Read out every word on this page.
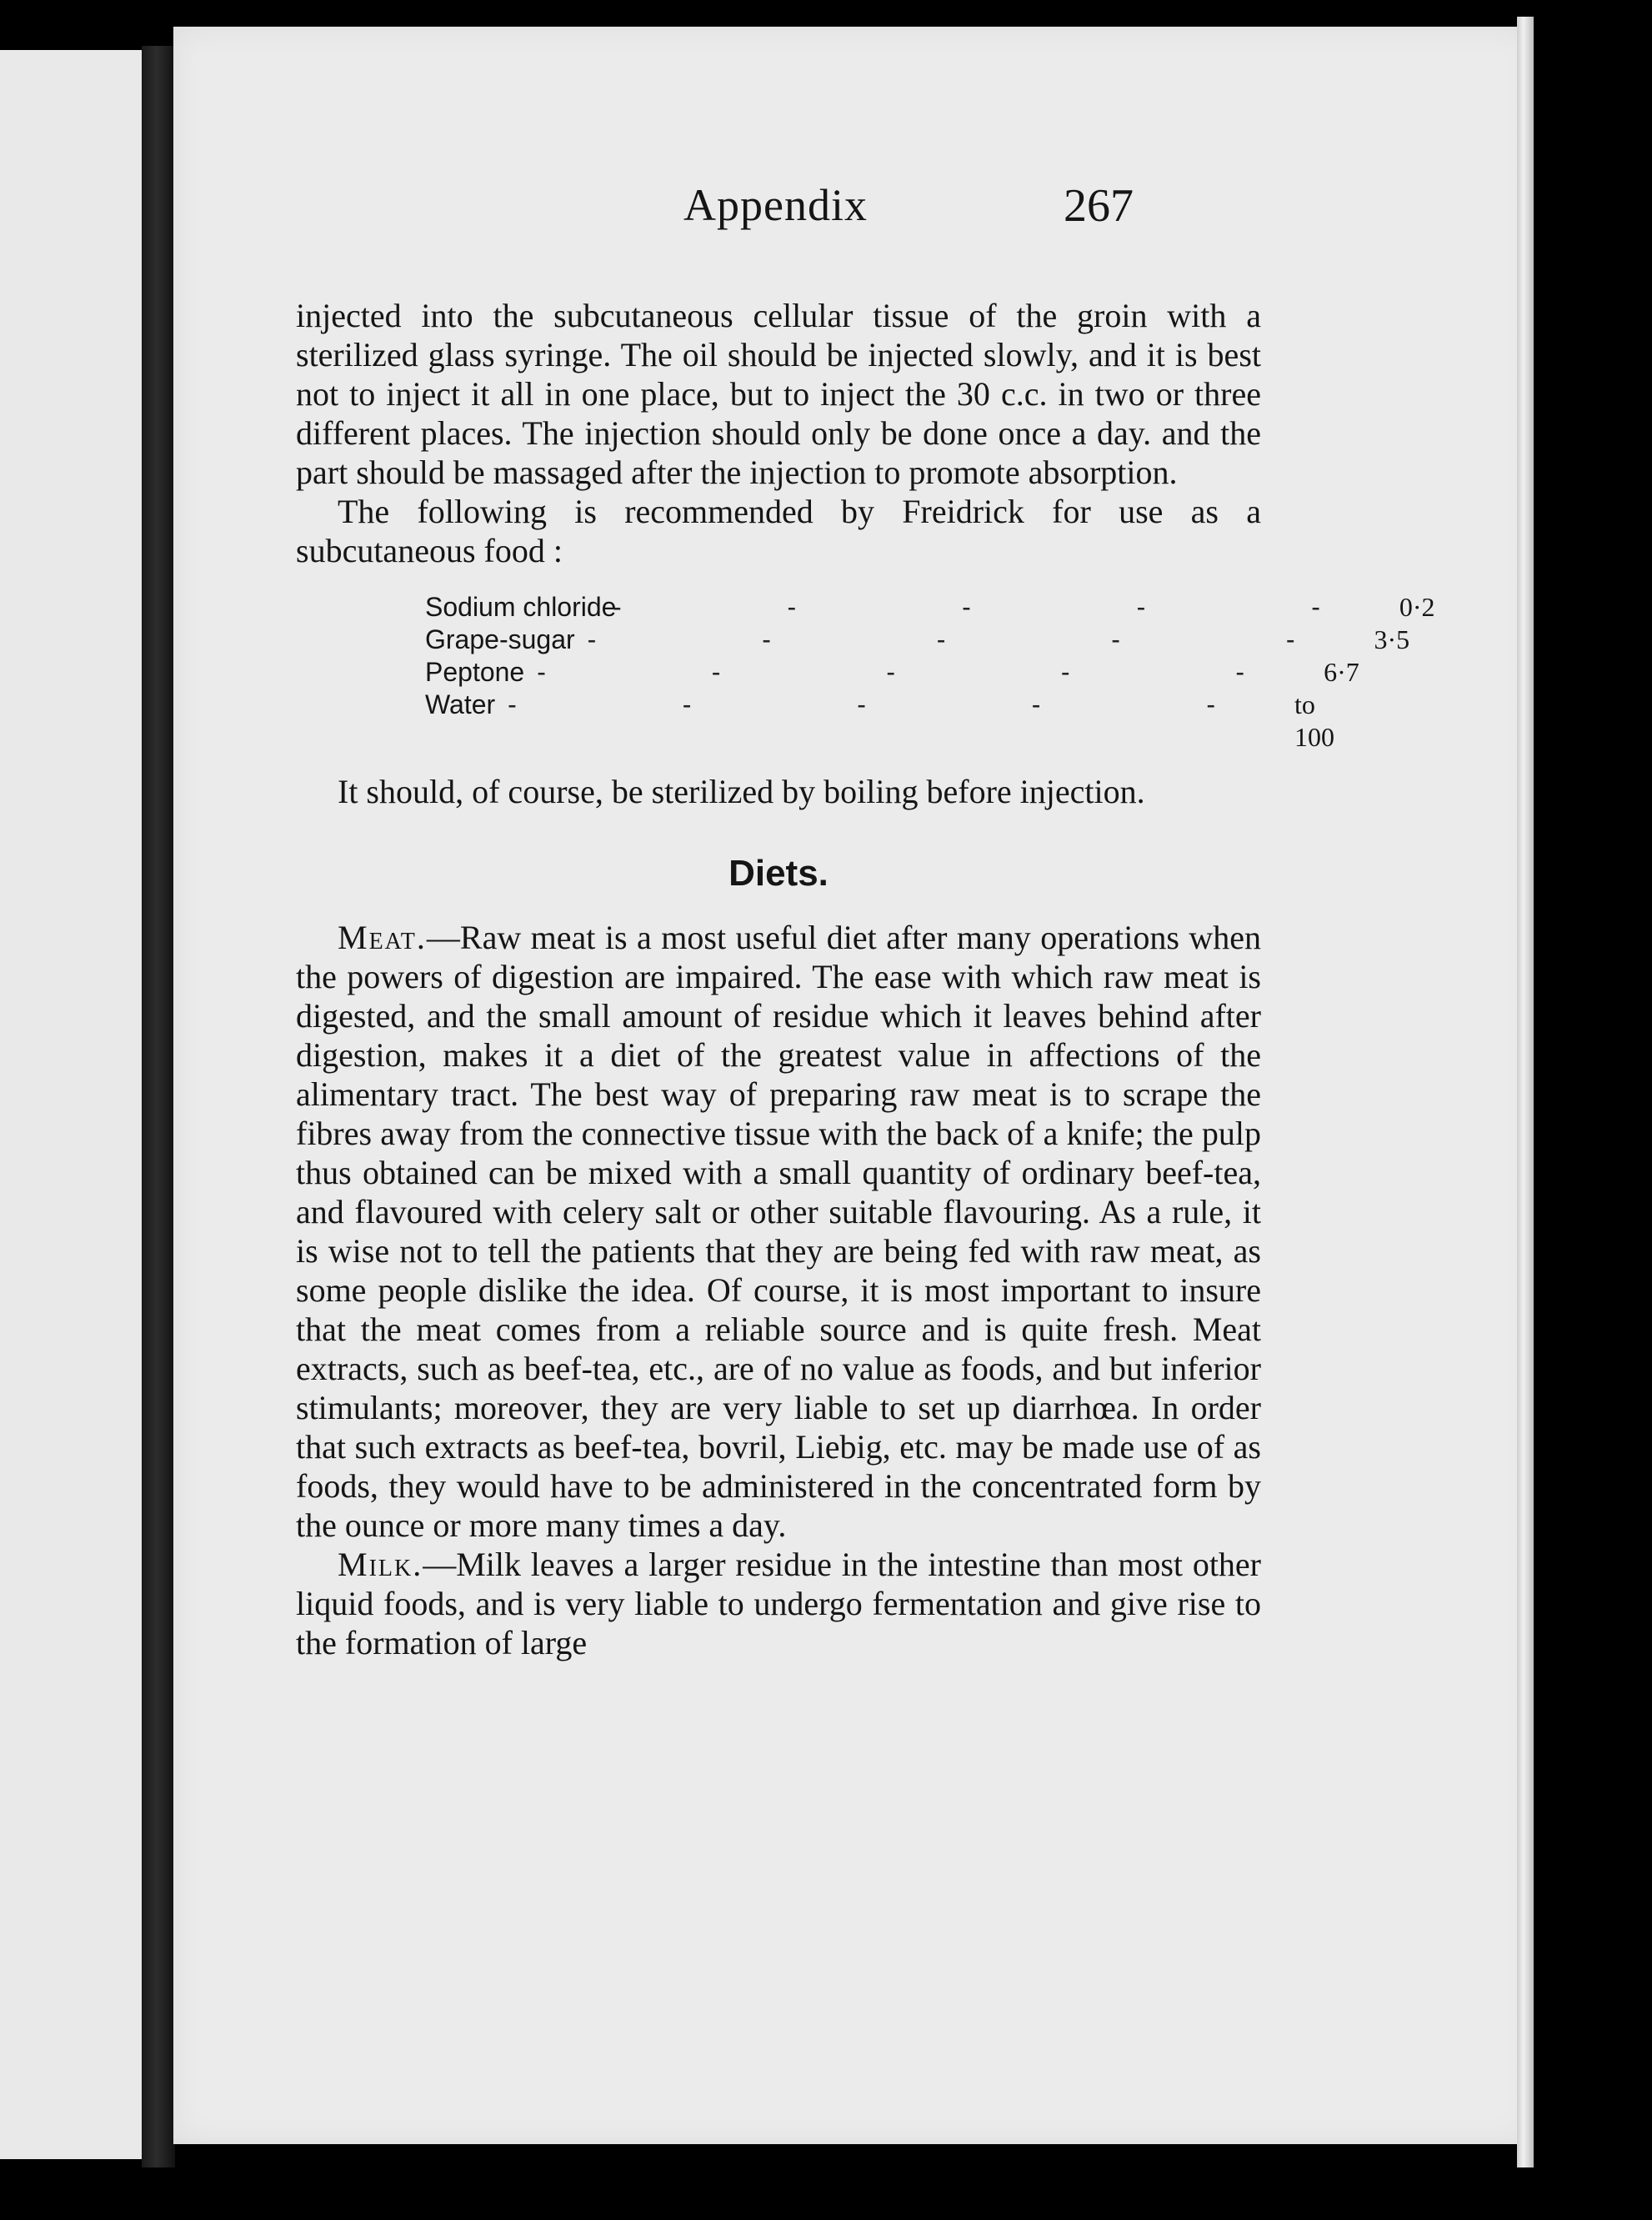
Appendix	267

injected into the subcutaneous cellular tissue of the groin with a sterilized glass syringe. The oil should be injected slowly, and it is best not to inject it all in one place, but to inject the 30 c.c. in two or three different places. The injection should only be done once a day. and the part should be massaged after the injection to promote absorption.

The following is recommended by Freidrick for use as a subcutaneous food :

Sodium chloride
- - - - - 0·2
Grape-sugar - - - - - 3·5
Peptone - - - - - 6·7
Water - - - - - to 100

It should, of course, be sterilized by boiling before injection.

Diets.

Meat.—Raw meat is a most useful diet after many operations when the powers of digestion are impaired. The ease with which raw meat is digested, and the small amount of residue which it leaves behind after digestion, makes it a diet of the greatest value in affections of the alimentary tract. The best way of preparing raw meat is to scrape the fibres away from the connective tissue with the back of a knife; the pulp thus obtained can be mixed with a small quantity of ordinary beef-tea, and flavoured with celery salt or other suitable flavouring. As a rule, it is wise not to tell the patients that they are being fed with raw meat, as some people dislike the idea. Of course, it is most important to insure that the meat comes from a reliable source and is quite fresh. Meat extracts, such as beef-tea, etc., are of no value as foods, and but inferior stimulants; moreover, they are very liable to set up diarrhœa. In order that such extracts as beef-tea, bovril, Liebig, etc. may be made use of as foods, they would have to be administered in the concentrated form by the ounce or more many times a day.

Milk.—Milk leaves a larger residue in the intestine than most other liquid foods, and is very liable to undergo fermentation and give rise to the formation of large
